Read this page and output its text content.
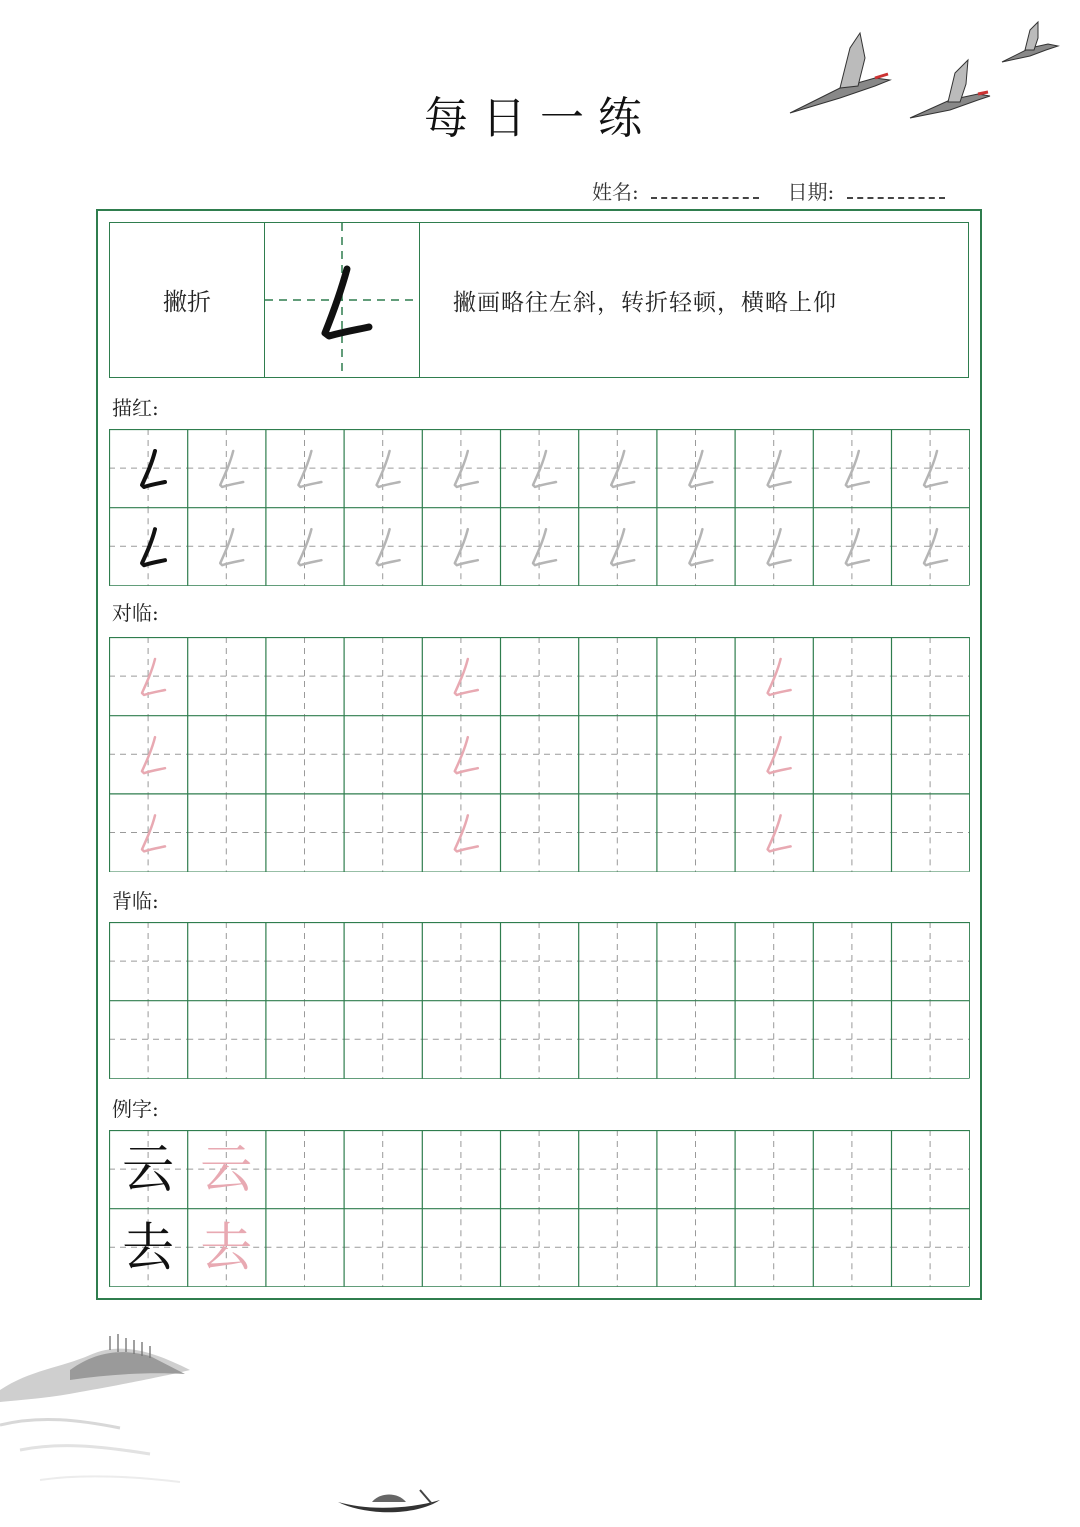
每日一练
姓名:	日期:
撇折	撇画略往左斜，转折轻顿，横略上仰
描红:
对临:
背临:
例字:
云 云
去 去
